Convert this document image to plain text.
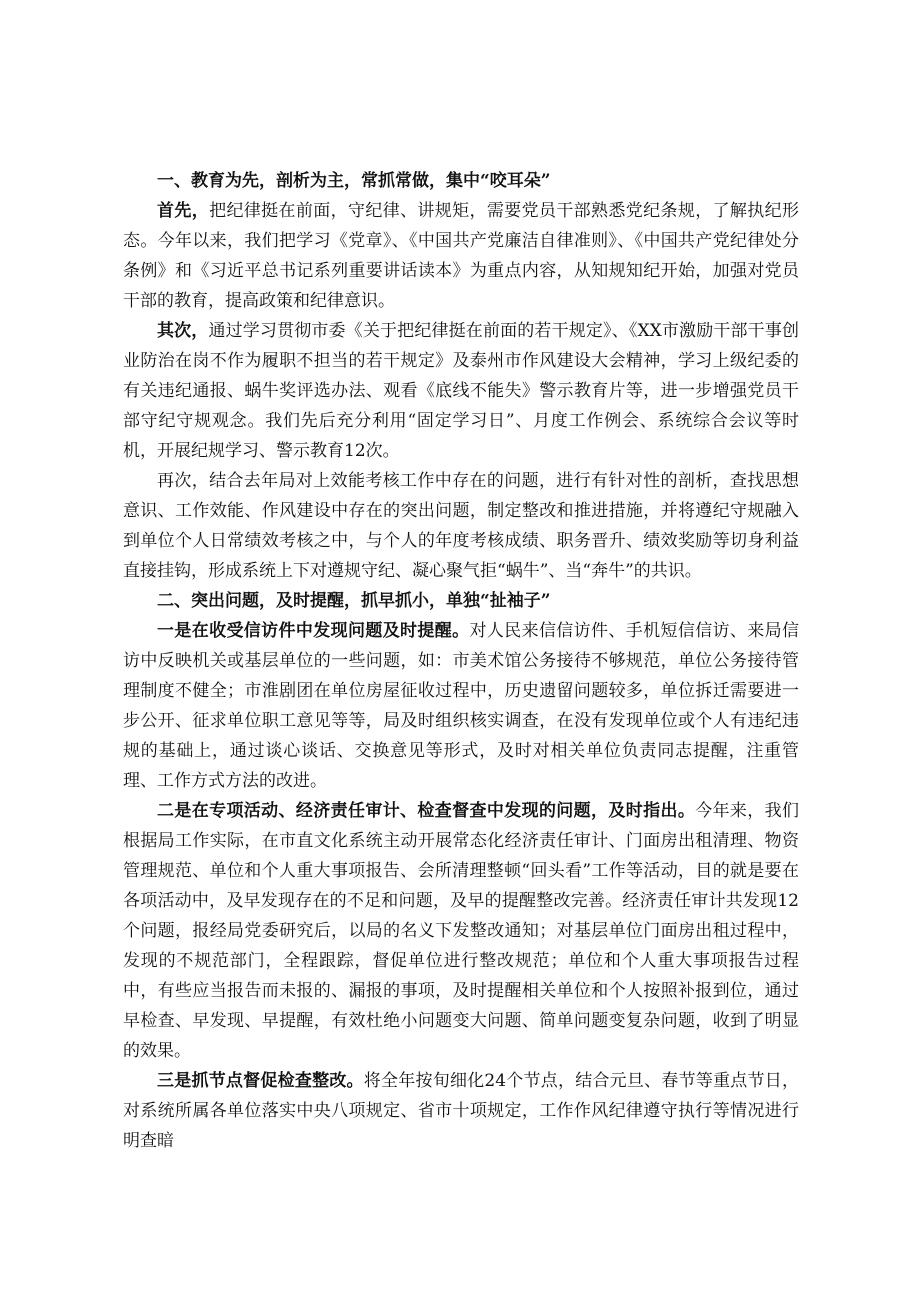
一、教育为先，剖析为主，常抓常做，集中“咬耳朵”

首先，把纪律挺在前面，守纪律、讲规矩，需要党员干部熟悉党纪条规，了解执纪形态。今年以来，我们把学习《党章》、《中国共产党廉洁自律准则》、《中国共产党纪律处分条例》和《习近平总书记系列重要讲话读本》为重点内容，从知规知纪开始，加强对党员干部的教育，提高政策和纪律意识。

其次，通过学习贯彻市委《关于把纪律挺在前面的若干规定》、《XX市激励干部干事创业防治在岗不作为履职不担当的若干规定》及泰州市作风建设大会精神，学习上级纪委的有关违纪通报、蜗牛奖评选办法、观看《底线不能失》警示教育片等，进一步增强党员干部守纪守规观念。我们先后充分利用“固定学习日”、月度工作例会、系统综合会议等时机，开展纪规学习、警示教育12次。

再次，结合去年局对上效能考核工作中存在的问题，进行有针对性的剖析，查找思想意识、工作效能、作风建设中存在的突出问题，制定整改和推进措施，并将遵纪守规融入到单位个人日常绩效考核之中，与个人的年度考核成绩、职务晋升、绩效奖励等切身利益直接挂钩，形成系统上下对遵规守纪、凝心聚气拒“蜗牛”、当“奔牛”的共识。

二、突出问题，及时提醒，抓早抓小，单独“扯袖子”

一是在收受信访件中发现问题及时提醒。对人民来信信访件、手机短信信访、来局信访中反映机关或基层单位的一些问题，如：市美术馆公务接待不够规范，单位公务接待管理制度不健全；市淮剧团在单位房屋征收过程中，历史遗留问题较多，单位拆迁需要进一步公开、征求单位职工意见等等，局及时组织核实调查，在没有发现单位或个人有违纪违规的基础上，通过谈心谈话、交换意见等形式，及时对相关单位负责同志提醒，注重管理、工作方式方法的改进。

二是在专项活动、经济责任审计、检查督查中发现的问题，及时指出。今年来，我们根据局工作实际，在市直文化系统主动开展常态化经济责任审计、门面房出租清理、物资管理规范、单位和个人重大事项报告、会所清理整顿“回头看”工作等活动，目的就是要在各项活动中，及早发现存在的不足和问题，及早的提醒整改完善。经济责任审计共发现12个问题，报经局党委研究后，以局的名义下发整改通知；对基层单位门面房出租过程中，发现的不规范部门，全程跟踪，督促单位进行整改规范；单位和个人重大事项报告过程中，有些应当报告而未报的、漏报的事项，及时提醒相关单位和个人按照补报到位，通过早检查、早发现、早提醒，有效杜绝小问题变大问题、简单问题变复杂问题，收到了明显的效果。

三是抓节点督促检查整改。将全年按旬细化24个节点，结合元旦、春节等重点节日，对系统所属各单位落实中央八项规定、省市十项规定，工作作风纪律遵守执行等情况进行明查暗
